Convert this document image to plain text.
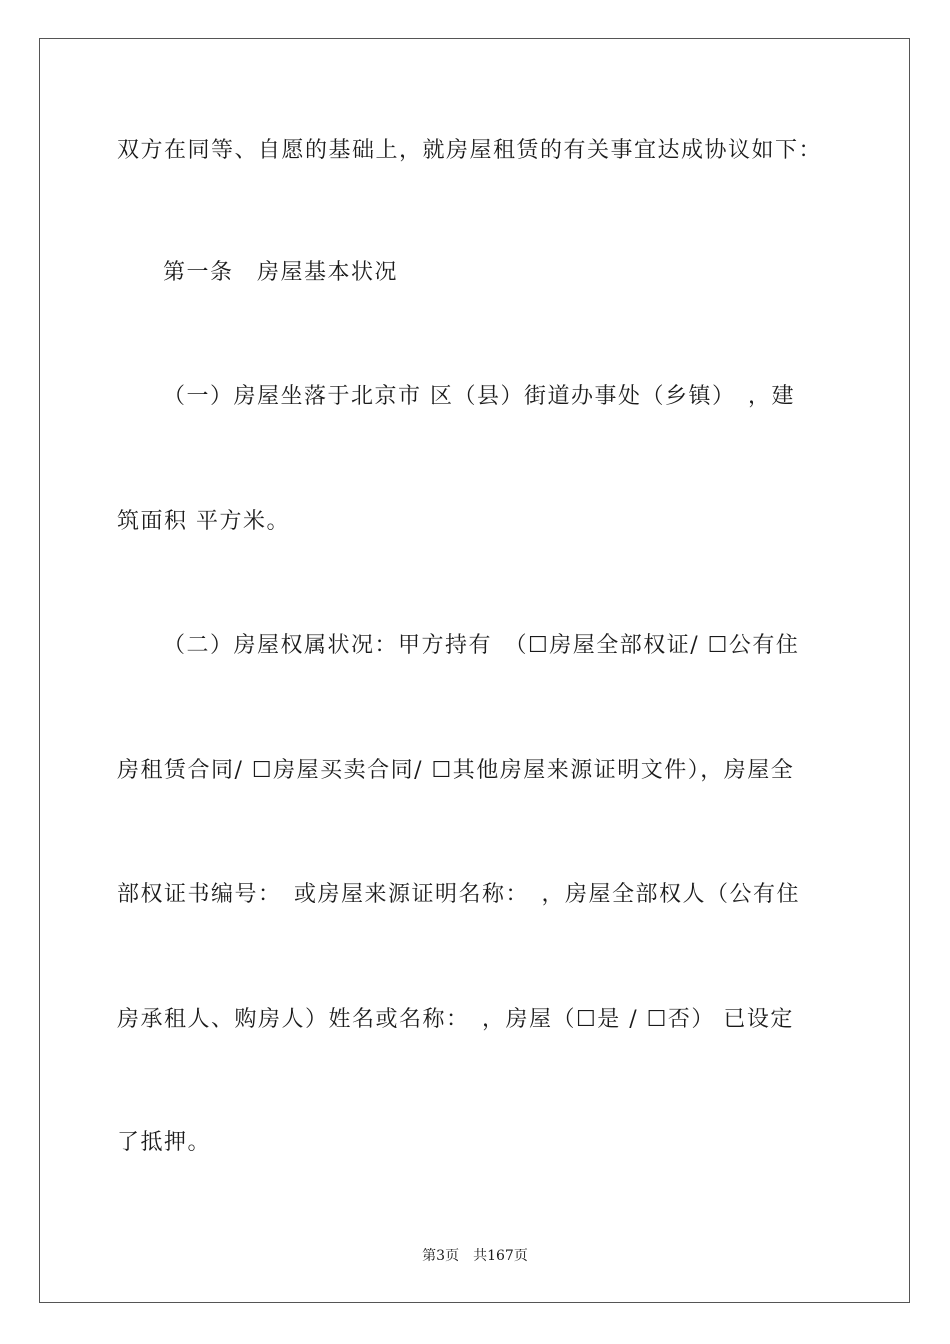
双方在同等、自愿的基础上，就房屋租赁的有关事宜达成协议如下：
第一条　房屋基本状况
（一）房屋坐落于北京市 区（县）街道办事处（乡镇）　，建
筑面积 平方米。
（二）房屋权属状况：甲方持有　（☐房屋全部权证/ ☐公有住
房租赁合同/ ☐房屋买卖合同/ ☐其他房屋来源证明文件），房屋全
部权证书编号：　或房屋来源证明名称：　，房屋全部权人（公有住
房承租人、购房人）姓名或名称：　，房屋（☐是 / ☐否） 已设定
了抵押。
第3页 共167页
